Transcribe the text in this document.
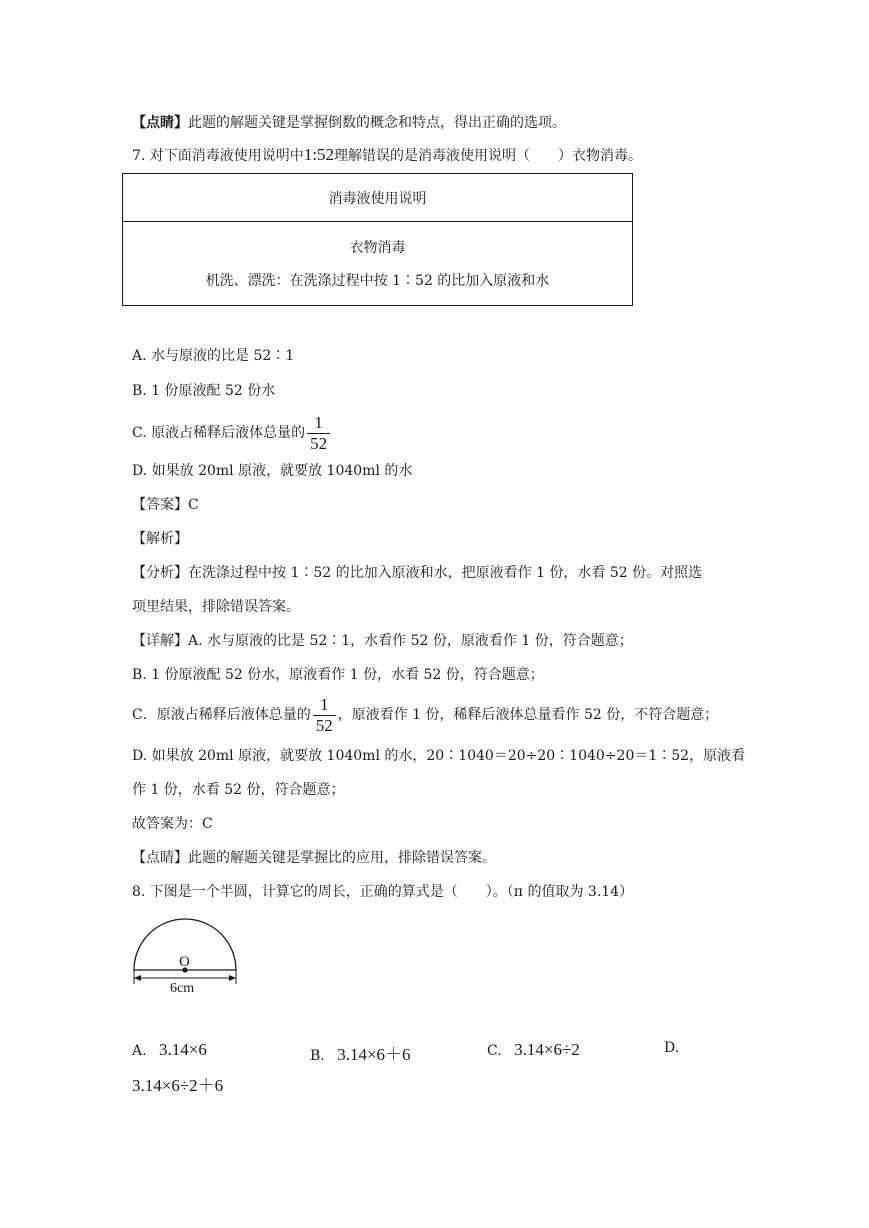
【点睛】此题的解题关键是掌握倒数的概念和特点，得出正确的选项。
7. 对下面消毒液使用说明中1:52理解错误的是消毒液使用说明（　　）衣物消毒。
消毒液使用说明
衣物消毒
机洗、漂洗：在洗涤过程中按 1∶52 的比加入原液和水
A. 水与原液的比是 52∶1
B. 1 份原液配 52 份水
C. 原液占稀释后液体总量的 $\frac{1}{52}$
D. 如果放 20ml 原液，就要放 1040ml 的水
【答案】C
【解析】
【分析】在洗涤过程中按 1∶52 的比加入原液和水，把原液看作 1 份，水看 52 份。对照选
项里结果，排除错误答案。
【详解】A. 水与原液的比是 52∶1，水看作 52 份，原液看作 1 份，符合题意；
B. 1 份原液配 52 份水，原液看作 1 份，水看 52 份，符合题意；
C．原液占稀释后液体总量的 $\frac{1}{52}$ ，原液看作 1 份，稀释后液体总量看作 52 份，不符合题意；
D. 如果放 20ml 原液，就要放 1040ml 的水，20∶1040＝20÷20∶1040÷20＝1∶52，原液看
作 1 份，水看 52 份，符合题意；
故答案为：C
【点睛】此题的解题关键是掌握比的应用，排除错误答案。
8. 下图是一个半圆，计算它的周长，正确的算式是（　　）。（π 的值取为 3.14）
O
6cm
A. 3.14×6	B. 3.14×6＋6	C. 3.14×6÷2	D.
3.14×6÷2＋6
